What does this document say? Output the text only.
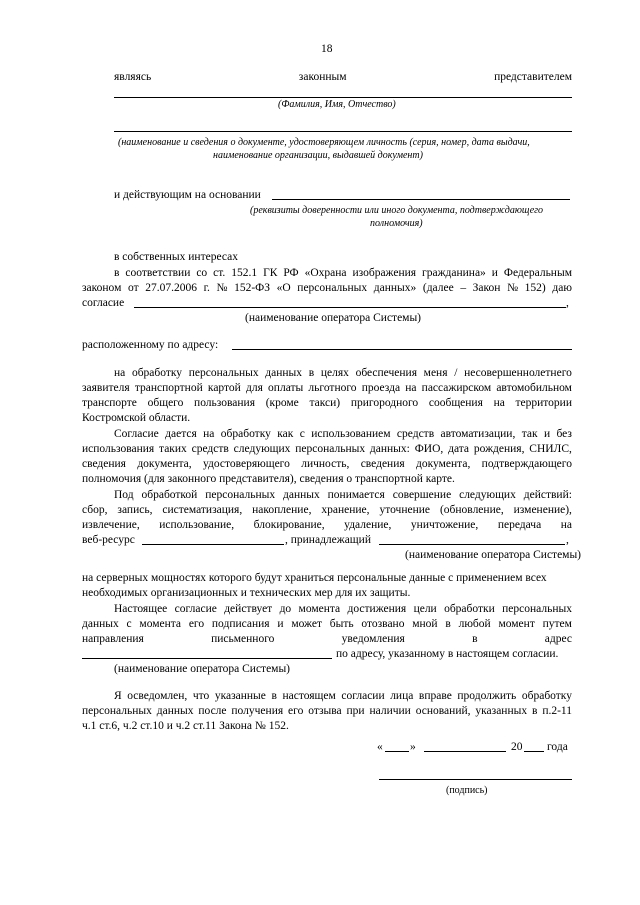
18
являясь	законным	представителем
(Фамилия, Имя, Отчество)
(наименование и сведения о документе, удостоверяющем личность (серия, номер, дата выдачи,
наименование организации, выдавшей документ)
и действующим на основании
(реквизиты доверенности или иного документа, подтверждающего
полномочия)
в собственных интересах
в соответствии со ст. 152.1 ГК РФ «Охрана изображения гражданина» и Федеральным
законом от 27.07.2006 г. № 152-ФЗ «О персональных данных» (далее – Закон № 152) даю
согласие	,
(наименование оператора Системы)
расположенному по адресу:
на обработку персональных данных в целях обеспечения меня / несовершеннолетнего
заявителя транспортной картой для оплаты льготного проезда на пассажирском автомобильном
транспорте общего пользования (кроме такси) пригородного сообщения на территории
Костромской области.
Согласие дается на обработку как с использованием средств автоматизации, так и без
использования таких средств следующих персональных данных: ФИО, дата рождения, СНИЛС,
сведения документа, удостоверяющего личность, сведения документа, подтверждающего
полномочия (для законного представителя), сведения о транспортной карте.
Под обработкой персональных данных понимается совершение следующих действий:
сбор, запись, систематизация, накопление, хранение, уточнение (обновление, изменение),
извлечение, использование, блокирование, удаление, уничтожение, передача на
веб-ресурс	, принадлежащий	,
(наименование оператора Системы)
на серверных мощностях которого будут храниться персональные данные с применением всех
необходимых организационных и технических мер для их защиты.
Настоящее согласие действует до момента достижения цели обработки персональных
данных с момента его подписания и может быть отозвано мной в любой момент путем
направления	письменного	уведомления	в	адрес
по адресу, указанному в настоящем согласии.
(наименование оператора Системы)
Я осведомлен, что указанные в настоящем согласии лица вправе продолжить обработку
персональных данных после получения его отзыва при наличии оснований, указанных в п.2-11
ч.1 ст.6, ч.2 ст.10 и ч.2 ст.11 Закона № 152.
« »	20 года
(подпись)
